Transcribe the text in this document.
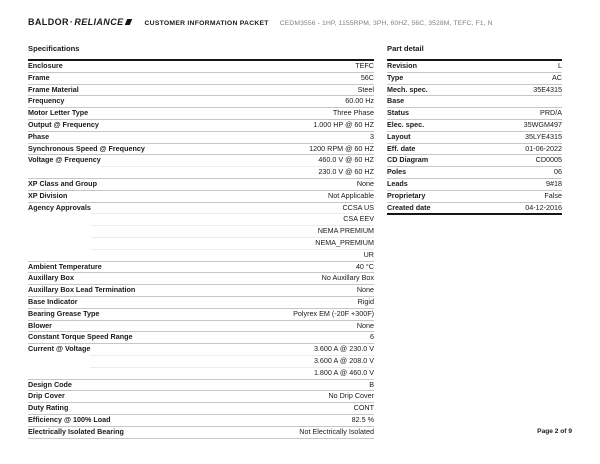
BALDOR · RELIANCE	CUSTOMER INFORMATION PACKET CEDM3556 - 1HP, 1155RPM, 3PH, 60HZ, 56C, 3528M, TEFC, F1, N
Specifications
Enclosure	TEFC
Frame	56C
Frame Material	Steel
Frequency	60.00 Hz
Motor Letter Type	Three Phase
Output @ Frequency	1.000 HP @ 60 HZ
Phase	3
Synchronous Speed @ Frequency	1200 RPM @ 60 HZ
Voltage @ Frequency	460.0 V @ 60 HZ
230.0 V @ 60 HZ
XP Class and Group	None
XP Division	Not Applicable
Agency Approvals	CCSA US
CSA EEV
NEMA PREMIUM
NEMA_PREMIUM
UR
Ambient Temperature	40 °C
Auxillary Box	No Auxillary Box
Auxillary Box Lead Termination	None
Base Indicator	Rigid
Bearing Grease Type	Polyrex EM (-20F +300F)
Blower	None
Constant Torque Speed Range	6
Current @ Voltage	3.600 A @ 230.0 V
3.600 A @ 208.0 V
1.800 A @ 460.0 V
Design Code	B
Drip Cover	No Drip Cover
Duty Rating	CONT
Efficiency @ 100% Load	82.5 %
Electrically Isolated Bearing	Not Electrically Isolated
Part detail
Revision	L
Type	AC
Mech. spec.	35E4315
Base
Status	PRD/A
Elec. spec.	35WGM497
Layout	35LYE4315
Eff. date	01-06-2022
CD Diagram	CD0005
Poles	06
Leads	9#18
Proprietary	False
Created date	04-12-2016
Page 2 of 9
